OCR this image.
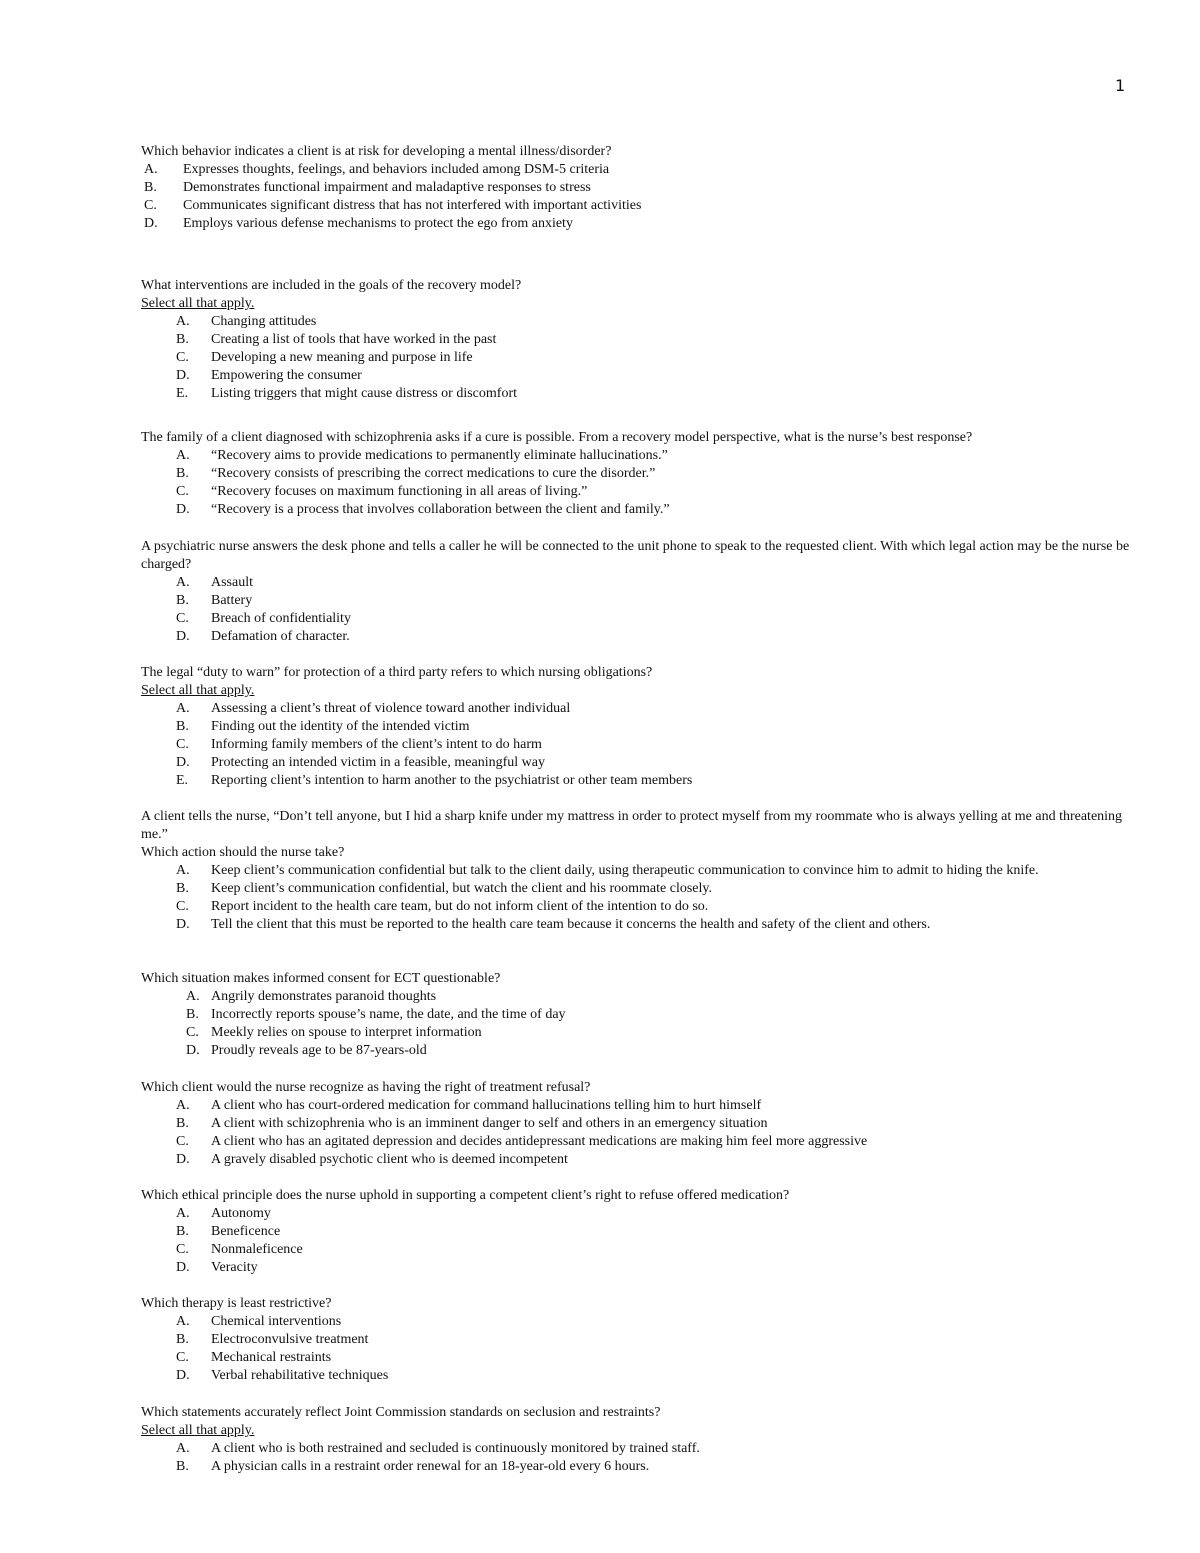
1
Which behavior indicates a client is at risk for developing a mental illness/disorder?
A.	Expresses thoughts, feelings, and behaviors included among DSM-5 criteria
B.	Demonstrates functional impairment and maladaptive responses to stress
C.	Communicates significant distress that has not interfered with important activities
D.	Employs various defense mechanisms to protect the ego from anxiety
What interventions are included in the goals of the recovery model?
Select all that apply.
A.	Changing attitudes
B.	Creating a list of tools that have worked in the past
C.	Developing a new meaning and purpose in life
D.	Empowering the consumer
E.	Listing triggers that might cause distress or discomfort
The family of a client diagnosed with schizophrenia asks if a cure is possible. From a recovery model perspective, what is the nurse’s best response?
A.	“Recovery aims to provide medications to permanently eliminate hallucinations.”
B.	“Recovery consists of prescribing the correct medications to cure the disorder.”
C.	“Recovery focuses on maximum functioning in all areas of living.”
D.	“Recovery is a process that involves collaboration between the client and family.”
A psychiatric nurse answers the desk phone and tells a caller he will be connected to the unit phone to speak to the requested client. With which legal action may be the nurse be charged?
A.	Assault
B.	Battery
C.	Breach of confidentiality
D.	Defamation of character.
The legal “duty to warn” for protection of a third party refers to which nursing obligations?
Select all that apply.
A.	Assessing a client’s threat of violence toward another individual
B.	Finding out the identity of the intended victim
C.	Informing family members of the client’s intent to do harm
D.	Protecting an intended victim in a feasible, meaningful way
E.	Reporting client’s intention to harm another to the psychiatrist or other team members
A client tells the nurse, “Don’t tell anyone, but I hid a sharp knife under my mattress in order to protect myself from my roommate who is always yelling at me and threatening me.”
Which action should the nurse take?
A.	Keep client’s communication confidential but talk to the client daily, using therapeutic communication to convince him to admit to hiding the knife.
B.	Keep client’s communication confidential, but watch the client and his roommate closely.
C.	Report incident to the health care team, but do not inform client of the intention to do so.
D.	Tell the client that this must be reported to the health care team because it concerns the health and safety of the client and others.
Which situation makes informed consent for ECT questionable?
A. Angrily demonstrates paranoid thoughts
B. Incorrectly reports spouse’s name, the date, and the time of day
C. Meekly relies on spouse to interpret information
D. Proudly reveals age to be 87-years-old
Which client would the nurse recognize as having the right of treatment refusal?
A.	A client who has court-ordered medication for command hallucinations telling him to hurt himself
B.	A client with schizophrenia who is an imminent danger to self and others in an emergency situation
C.	A client who has an agitated depression and decides antidepressant medications are making him feel more aggressive
D.	A gravely disabled psychotic client who is deemed incompetent
Which ethical principle does the nurse uphold in supporting a competent client’s right to refuse offered medication?
A.	Autonomy
B.	Beneficence
C.	Nonmaleficence
D.	Veracity
Which therapy is least restrictive?
A.	Chemical interventions
B.	Electroconvulsive treatment
C.	Mechanical restraints
D.	Verbal rehabilitative techniques
Which statements accurately reflect Joint Commission standards on seclusion and restraints?
Select all that apply.
A.	A client who is both restrained and secluded is continuously monitored by trained staff.
B.	A physician calls in a restraint order renewal for an 18-year-old every 6 hours.
